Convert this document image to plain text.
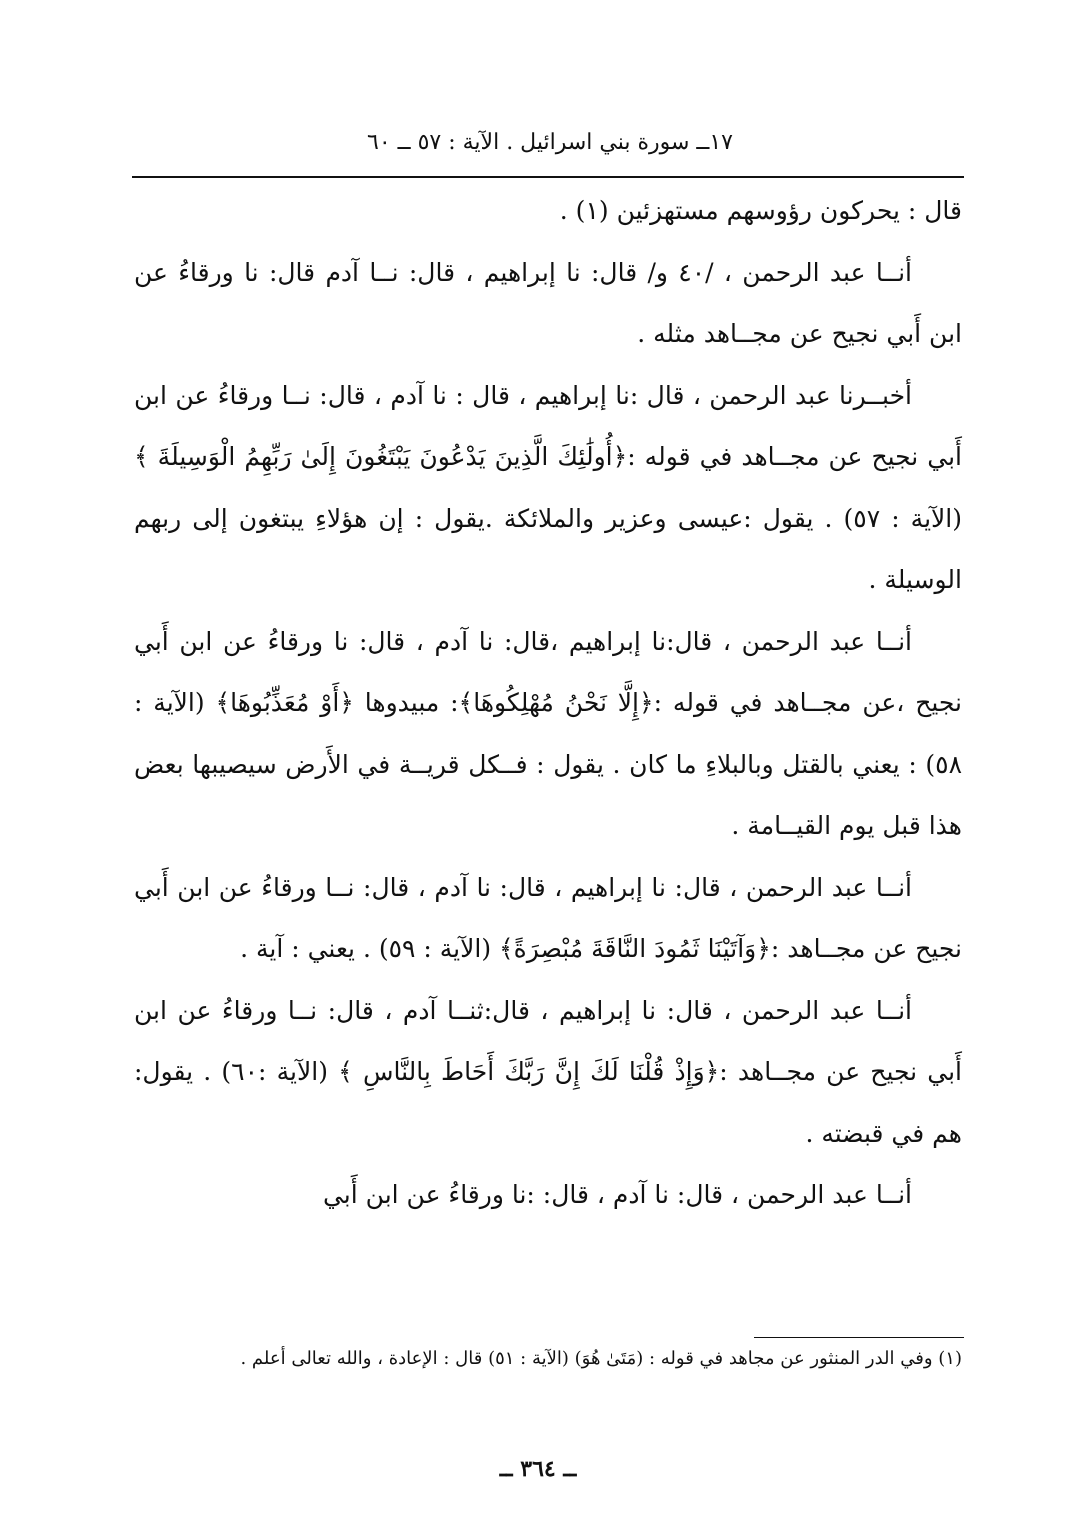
١٧ــ سورة بني اسرائيل . الآية : ٥٧ ــ ٦٠

قال : يحركون رؤوسهم مستهزئين (١) .

أنــا عبد الرحمن ، /٤٠ و/ قال: نا إبراهيم ، قال: نــا آدم قال: نا ورقاءُ عن ابن أَبي نجيح عن مجــاهد مثله .

أخبــرنا عبد الرحمن ، قال :نا إبراهيم ، قال : نا آدم ، قال: نــا ورقاءُ عن ابن أَبي نجيح عن مجــاهد في قوله :﴿أُولَٰئِكَ الَّذِينَ يَدْعُونَ يَبْتَغُونَ إِلَىٰ رَبِّهِمُ الْوَسِيلَةَ ﴾ (الآية : ٥٧) . يقول :عيسى وعزير والملائكة .يقول : إن هؤلاءِ يبتغون إلى ربهم الوسيلة .

أنــا عبد الرحمن ، قال:نا إبراهيم ،قال: نا آدم ، قال: نا ورقاءُ عن ابن أَبي نجيح ،عن مجــاهد في قوله :﴿إِلَّا نَحْنُ مُهْلِكُوهَا﴾: مبيدوها ﴿أَوْ مُعَذِّبُوهَا﴾ (الآية : ٥٨) : يعني بالقتل وبالبلاءِ ما كان . يقول : فــكل قريــة في الأَرض سيصيبها بعض هذا قبل يوم القيــامة .

أنــا عبد الرحمن ، قال: نا إبراهيم ، قال: نا آدم ، قال: نــا ورقاءُ عن ابن أَبي نجيح عن مجــاهد :﴿وَآتَيْنَا ثَمُودَ النَّاقَةَ مُبْصِرَةً﴾ (الآية : ٥٩) . يعني : آية .

أنــا عبد الرحمن ، قال: نا إبراهيم ، قال:ثنــا آدم ، قال: نــا ورقاءُ عن ابن أَبي نجيح عن مجــاهد :﴿وَإِذْ قُلْنَا لَكَ إِنَّ رَبَّكَ أَحَاطَ بِالنَّاسِ ﴾ (الآية :٦٠) . يقول: هم في قبضته .

أنــا عبد الرحمن ، قال: نا آدم ، قال: :نا ورقاءُ عن ابن أَبي

(١) وفي الدر المنثور عن مجاهد في قوله : (مَتَىٰ هُوَ) (الآية : ٥١) قال : الإعادة ، والله تعالى أعلم .

ــ ٣٦٤ ــ
